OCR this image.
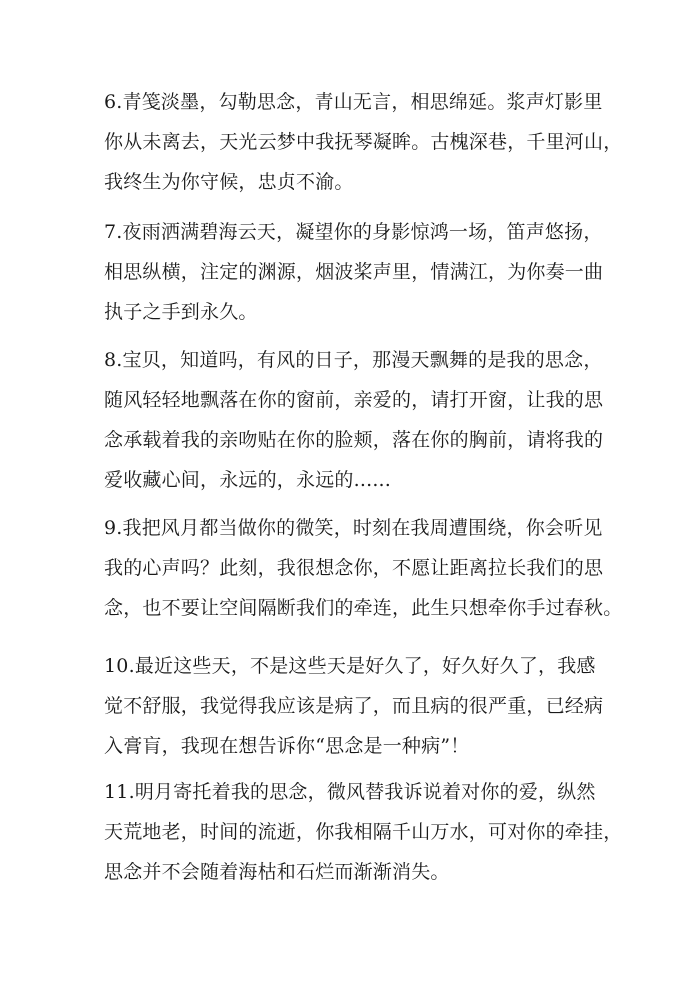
6.青笺淡墨，勾勒思念，青山无言，相思绵延。浆声灯影里
你从未离去，天光云梦中我抚琴凝眸。古槐深巷，千里河山，
我终生为你守候，忠贞不渝。

7.夜雨洒满碧海云天，凝望你的身影惊鸿一场，笛声悠扬，
相思纵横，注定的渊源，烟波桨声里，情满江，为你奏一曲
执子之手到永久。

8.宝贝，知道吗，有风的日子，那漫天飘舞的是我的思念，
随风轻轻地飘落在你的窗前，亲爱的，请打开窗，让我的思
念承载着我的亲吻贴在你的脸颊，落在你的胸前，请将我的
爱收藏心间，永远的，永远的......

9.我把风月都当做你的微笑，时刻在我周遭围绕，你会听见
我的心声吗？此刻，我很想念你，不愿让距离拉长我们的思
念，也不要让空间隔断我们的牵连，此生只想牵你手过春秋。

10.最近这些天，不是这些天是好久了，好久好久了，我感
觉不舒服，我觉得我应该是病了，而且病的很严重，已经病
入膏肓，我现在想告诉你“思念是一种病”！

11.明月寄托着我的思念，微风替我诉说着对你的爱，纵然
天荒地老，时间的流逝，你我相隔千山万水，可对你的牵挂，
思念并不会随着海枯和石烂而渐渐消失。
